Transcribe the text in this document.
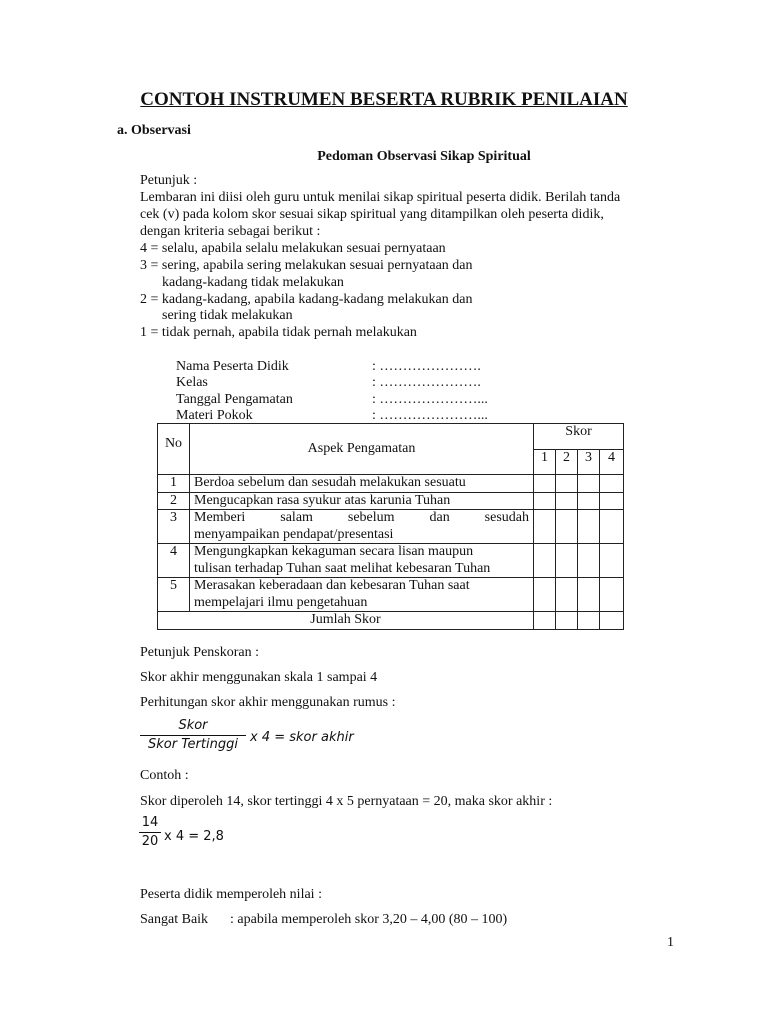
CONTOH INSTRUMEN BESERTA RUBRIK PENILAIAN
a. Observasi
Pedoman Observasi Sikap Spiritual
Petunjuk :
Lembaran ini diisi oleh guru untuk menilai sikap spiritual peserta didik. Berilah tanda
cek (v) pada kolom skor sesuai sikap spiritual yang ditampilkan oleh peserta didik,
dengan kriteria sebagai berikut :
4 = selalu, apabila selalu melakukan sesuai pernyataan
3 = sering, apabila sering melakukan sesuai pernyataan dan
kadang-kadang tidak melakukan
2 = kadang-kadang, apabila kadang-kadang melakukan dan
sering tidak melakukan
1 = tidak pernah, apabila tidak pernah melakukan
Nama Peserta Didik	: ………………….
Kelas	: ………………….
Tanggal Pengamatan	: …………………...
Materi Pokok	: …………………...
No	Aspek Pengamatan	Skor			
		1	2	3	4
1	Berdoa sebelum dan sesudah melakukan sesuatu				
2	Mengucapkan rasa syukur atas karunia Tuhan				
3	Memberi salam sebelum dan sesudah
menyampaikan pendapat/presentasi				

4	Mengungkapkan kekaguman secara lisan maupun
tulisan terhadap Tuhan saat melihat kebesaran Tuhan				

5	Merasakan keberadaan dan kebesaran Tuhan saat
mempelajari ilmu pengetahuan				

Jumlah Skor					
Petunjuk Penskoran :
Skor akhir menggunakan skala 1 sampai 4
Perhitungan skor akhir menggunakan rumus :
Skor
Skor Tertinggi x 4 = skor akhir
Contoh :
Skor diperoleh 14, skor tertinggi 4 x 5 pernyataan = 20, maka skor akhir :
14
20 x 4 = 2,8
Peserta didik memperoleh nilai :
Sangat Baik : apabila memperoleh skor 3,20 – 4,00 (80 – 100)
1
